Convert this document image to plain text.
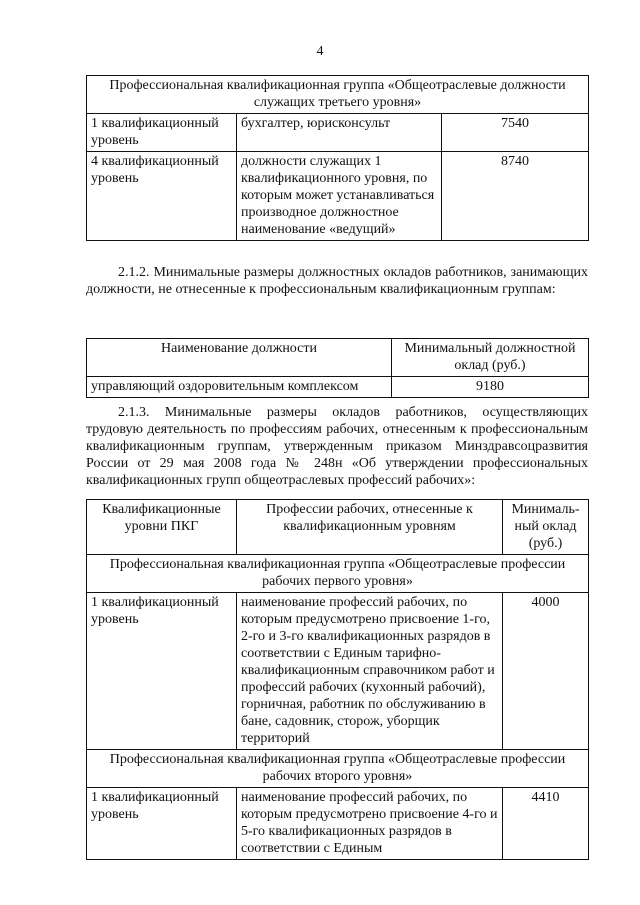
4
Профессиональная квалификационная группа «Общеотраслевые должности служащих третьего уровня»		
1 квалификационный уровень	бухгалтер, юрисконсульт	7540
4 квалификационный уровень	должности служащих 1 квалификационного уровня, по которым может устанавливаться производное должностное наименование «ведущий»	8740

2.1.2. Минимальные размеры должностных окладов работников, занимающих должности, не отнесенные к профессиональным квалификационным группам:

Наименование должности	Минимальный должностной оклад (руб.)
управляющий оздоровительным комплексом	9180

2.1.3. Минимальные размеры окладов работников, осуществляющих трудовую деятельность по профессиям рабочих, отнесенным к профессиональным квалификационным группам, утвержденным приказом Минздравсоцразвития России от 29 мая 2008 года № 248н «Об утверждении профессиональных квалификационных групп общеотраслевых профессий рабочих»:

Квалификационные уровни ПКГ	Профессии рабочих, отнесенные к квалификационным уровням	Минимальный оклад (руб.)
Профессиональная квалификационная группа «Общеотраслевые профессии рабочих первого уровня»		
1 квалификационный уровень	наименование профессий рабочих, по которым предусмотрено присвоение 1-го, 2-го и 3-го квалификационных разрядов в соответствии с Единым тарифно-квалификационным справочником работ и профессий рабочих (кухонный рабочий), горничная, работник по обслуживанию в бане, садовник, сторож, уборщик территорий	4000
Профессиональная квалификационная группа «Общеотраслевые профессии рабочих второго уровня»		
1 квалификационный уровень	наименование профессий рабочих, по которым предусмотрено присвоение 4-го и 5-го квалификационных разрядов в соответствии с Единым	4410
